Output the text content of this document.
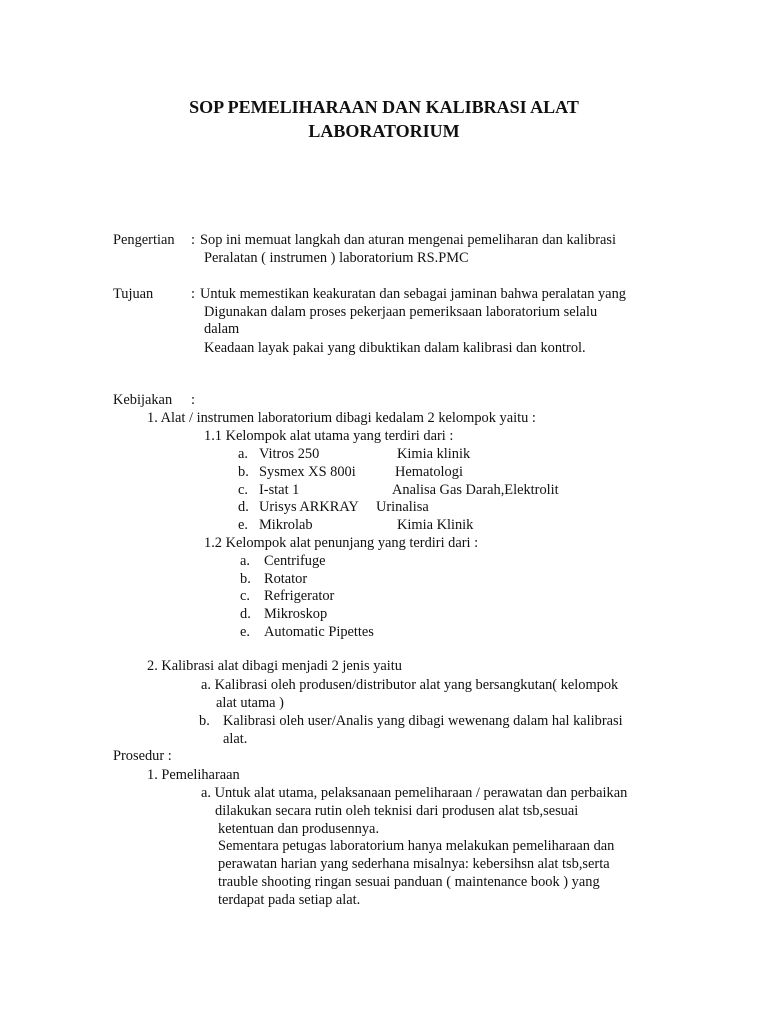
SOP PEMELIHARAAN DAN KALIBRASI ALAT
LABORATORIUM
Pengertian : Sop ini memuat langkah dan aturan mengenai pemeliharan dan kalibrasi
Peralatan ( instrumen ) laboratorium RS.PMC
Tujuan	: Untuk memestikan keakuratan dan sebagai jaminan bahwa peralatan yang
Digunakan dalam proses pekerjaan pemeriksaan laboratorium selalu
dalam
Keadaan layak pakai yang dibuktikan dalam kalibrasi dan kontrol.
Kebijakan :
1. Alat / instrumen laboratorium dibagi kedalam 2 kelompok yaitu :
1.1 Kelompok alat utama yang terdiri dari :
a. Vitros 250	Kimia klinik
b. Sysmex XS 800i	Hematologi
c. I-stat 1	Analisa Gas Darah,Elektrolit
d. Urisys ARKRAY Urinalisa
e. Mikrolab	Kimia Klinik
1.2 Kelompok alat penunjang yang terdiri dari :
a. Centrifuge
b. Rotator
c. Refrigerator
d. Mikroskop
e. Automatic Pipettes
2. Kalibrasi alat dibagi menjadi 2 jenis yaitu
a. Kalibrasi oleh produsen/distributor alat yang bersangkutan( kelompok
alat utama )
b. Kalibrasi oleh user/Analis yang dibagi wewenang dalam hal kalibrasi
alat.
Prosedur :
1. Pemeliharaan
a. Untuk alat utama, pelaksanaan pemeliharaan / perawatan dan perbaikan
dilakukan secara rutin oleh teknisi dari produsen alat tsb,sesuai
ketentuan dan produsennya.
Sementara petugas laboratorium hanya melakukan pemeliharaan dan
perawatan harian yang sederhana misalnya: kebersihsn alat tsb,serta
trauble shooting ringan sesuai panduan ( maintenance book ) yang
terdapat pada setiap alat.
